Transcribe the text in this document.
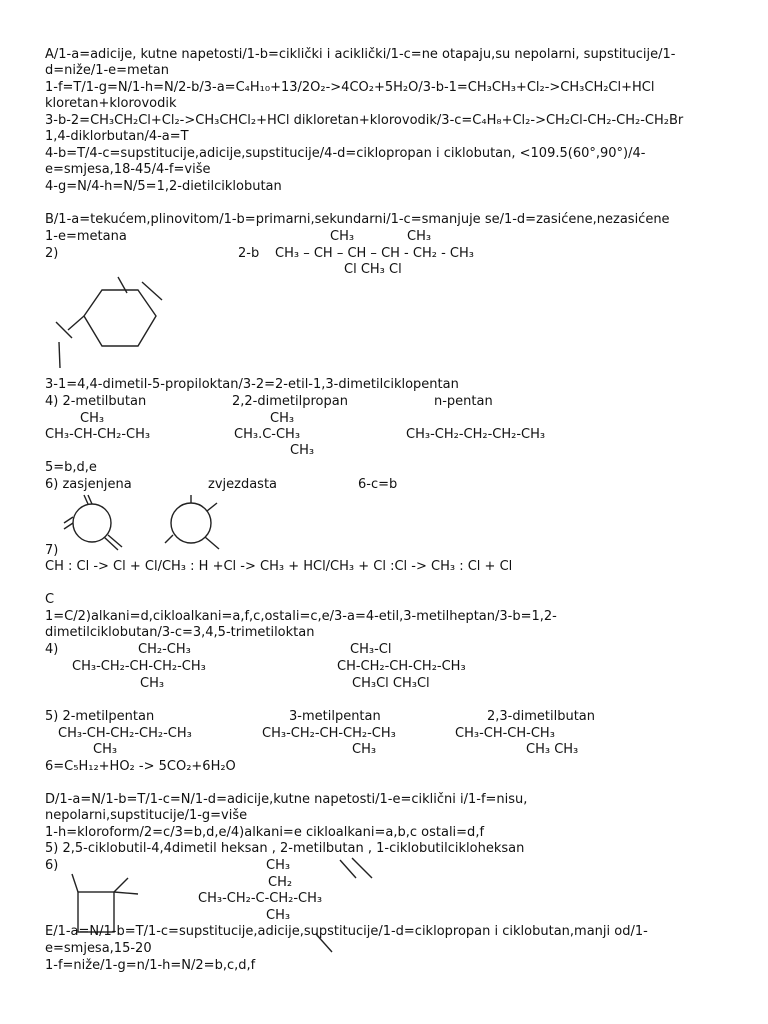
A/1-a=adicije, kutne napetosti/1-b=ciklički i aciklički/1-c=ne otapaju,su nepolarni, supstitucije/1-
d=niže/1-e=metan
1-f=T/1-g=N/1-h=N/2-b/3-a=C₄H₁₀+13/2O₂->4CO₂+5H₂O/3-b-1=CH₃CH₃+Cl₂->CH₃CH₂Cl+HCl
kloretan+klorovodik
3-b-2=CH₃CH₂Cl+Cl₂->CH₃CHCl₂+HCl dikloretan+klorovodik/3-c=C₄H₈+Cl₂->CH₂Cl-CH₂-CH₂-CH₂Br
1,4-diklorbutan/4-a=T
4-b=T/4-c=supstitucije,adicije,supstitucije/4-d=ciklopropan i ciklobutan, <109.5(60°,90°)/4-
e=smjesa,18-45/4-f=više
4-g=N/4-h=N/5=1,2-dietilciklobutan
B/1-a=tekućem,plinovitom/1-b=primarni,sekundarni/1-c=smanjuje se/1-d=zasićene,nezasićene
1-e=metana	CH₃	CH₃
2)	2-b CH₃ – CH – CH – CH - CH₂ - CH₃
Cl CH₃ Cl
3-1=4,4-dimetil-5-propiloktan/3-2=2-etil-1,3-dimetilciklopentan
4) 2-metilbutan	2,2-dimetilpropan	n-pentan
CH₃	CH₃
CH₃-CH-CH₂-CH₃	CH₃.C-CH₃	CH₃-CH₂-CH₂-CH₂-CH₃
CH₃
5=b,d,e
6) zasjenjena	zvjezdasta	6-c=b
7)
CH : Cl -> Cl + Cl/CH₃ : H +Cl -> CH₃ + HCl/CH₃ + Cl :Cl -> CH₃ : Cl + Cl
C
1=C/2)alkani=d,cikloalkani=a,f,c,ostali=c,e/3-a=4-etil,3-metilheptan/3-b=1,2-
dimetilciklobutan/3-c=3,4,5-trimetiloktan
4)	CH₂-CH₃	CH₃-Cl
CH₃-CH₂-CH-CH₂-CH₃	CH-CH₂-CH-CH₂-CH₃
CH₃	CH₃Cl CH₃Cl
5) 2-metilpentan	3-metilpentan	2,3-dimetilbutan
CH₃-CH-CH₂-CH₂-CH₃	CH₃-CH₂-CH-CH₂-CH₃	CH₃-CH-CH-CH₃
CH₃	CH₃	CH₃ CH₃
6=C₅H₁₂+HO₂ -> 5CO₂+6H₂O
D/1-a=N/1-b=T/1-c=N/1-d=adicije,kutne napetosti/1-e=ciklični i/1-f=nisu,
nepolarni,supstitucije/1-g=više
1-h=kloroform/2=c/3=b,d,e/4)alkani=e cikloalkani=a,b,c ostali=d,f
5) 2,5-ciklobutil-4,4dimetil heksan , 2-metilbutan , 1-ciklobutilcikloheksan
6)	CH₃
CH₂
CH₃-CH₂-C-CH₂-CH₃
CH₃
E/1-a=N/1-b=T/1-c=supstitucije,adicije,supstitucije/1-d=ciklopropan i ciklobutan,manji od/1-
e=smjesa,15-20
1-f=niže/1-g=n/1-h=N/2=b,c,d,f
